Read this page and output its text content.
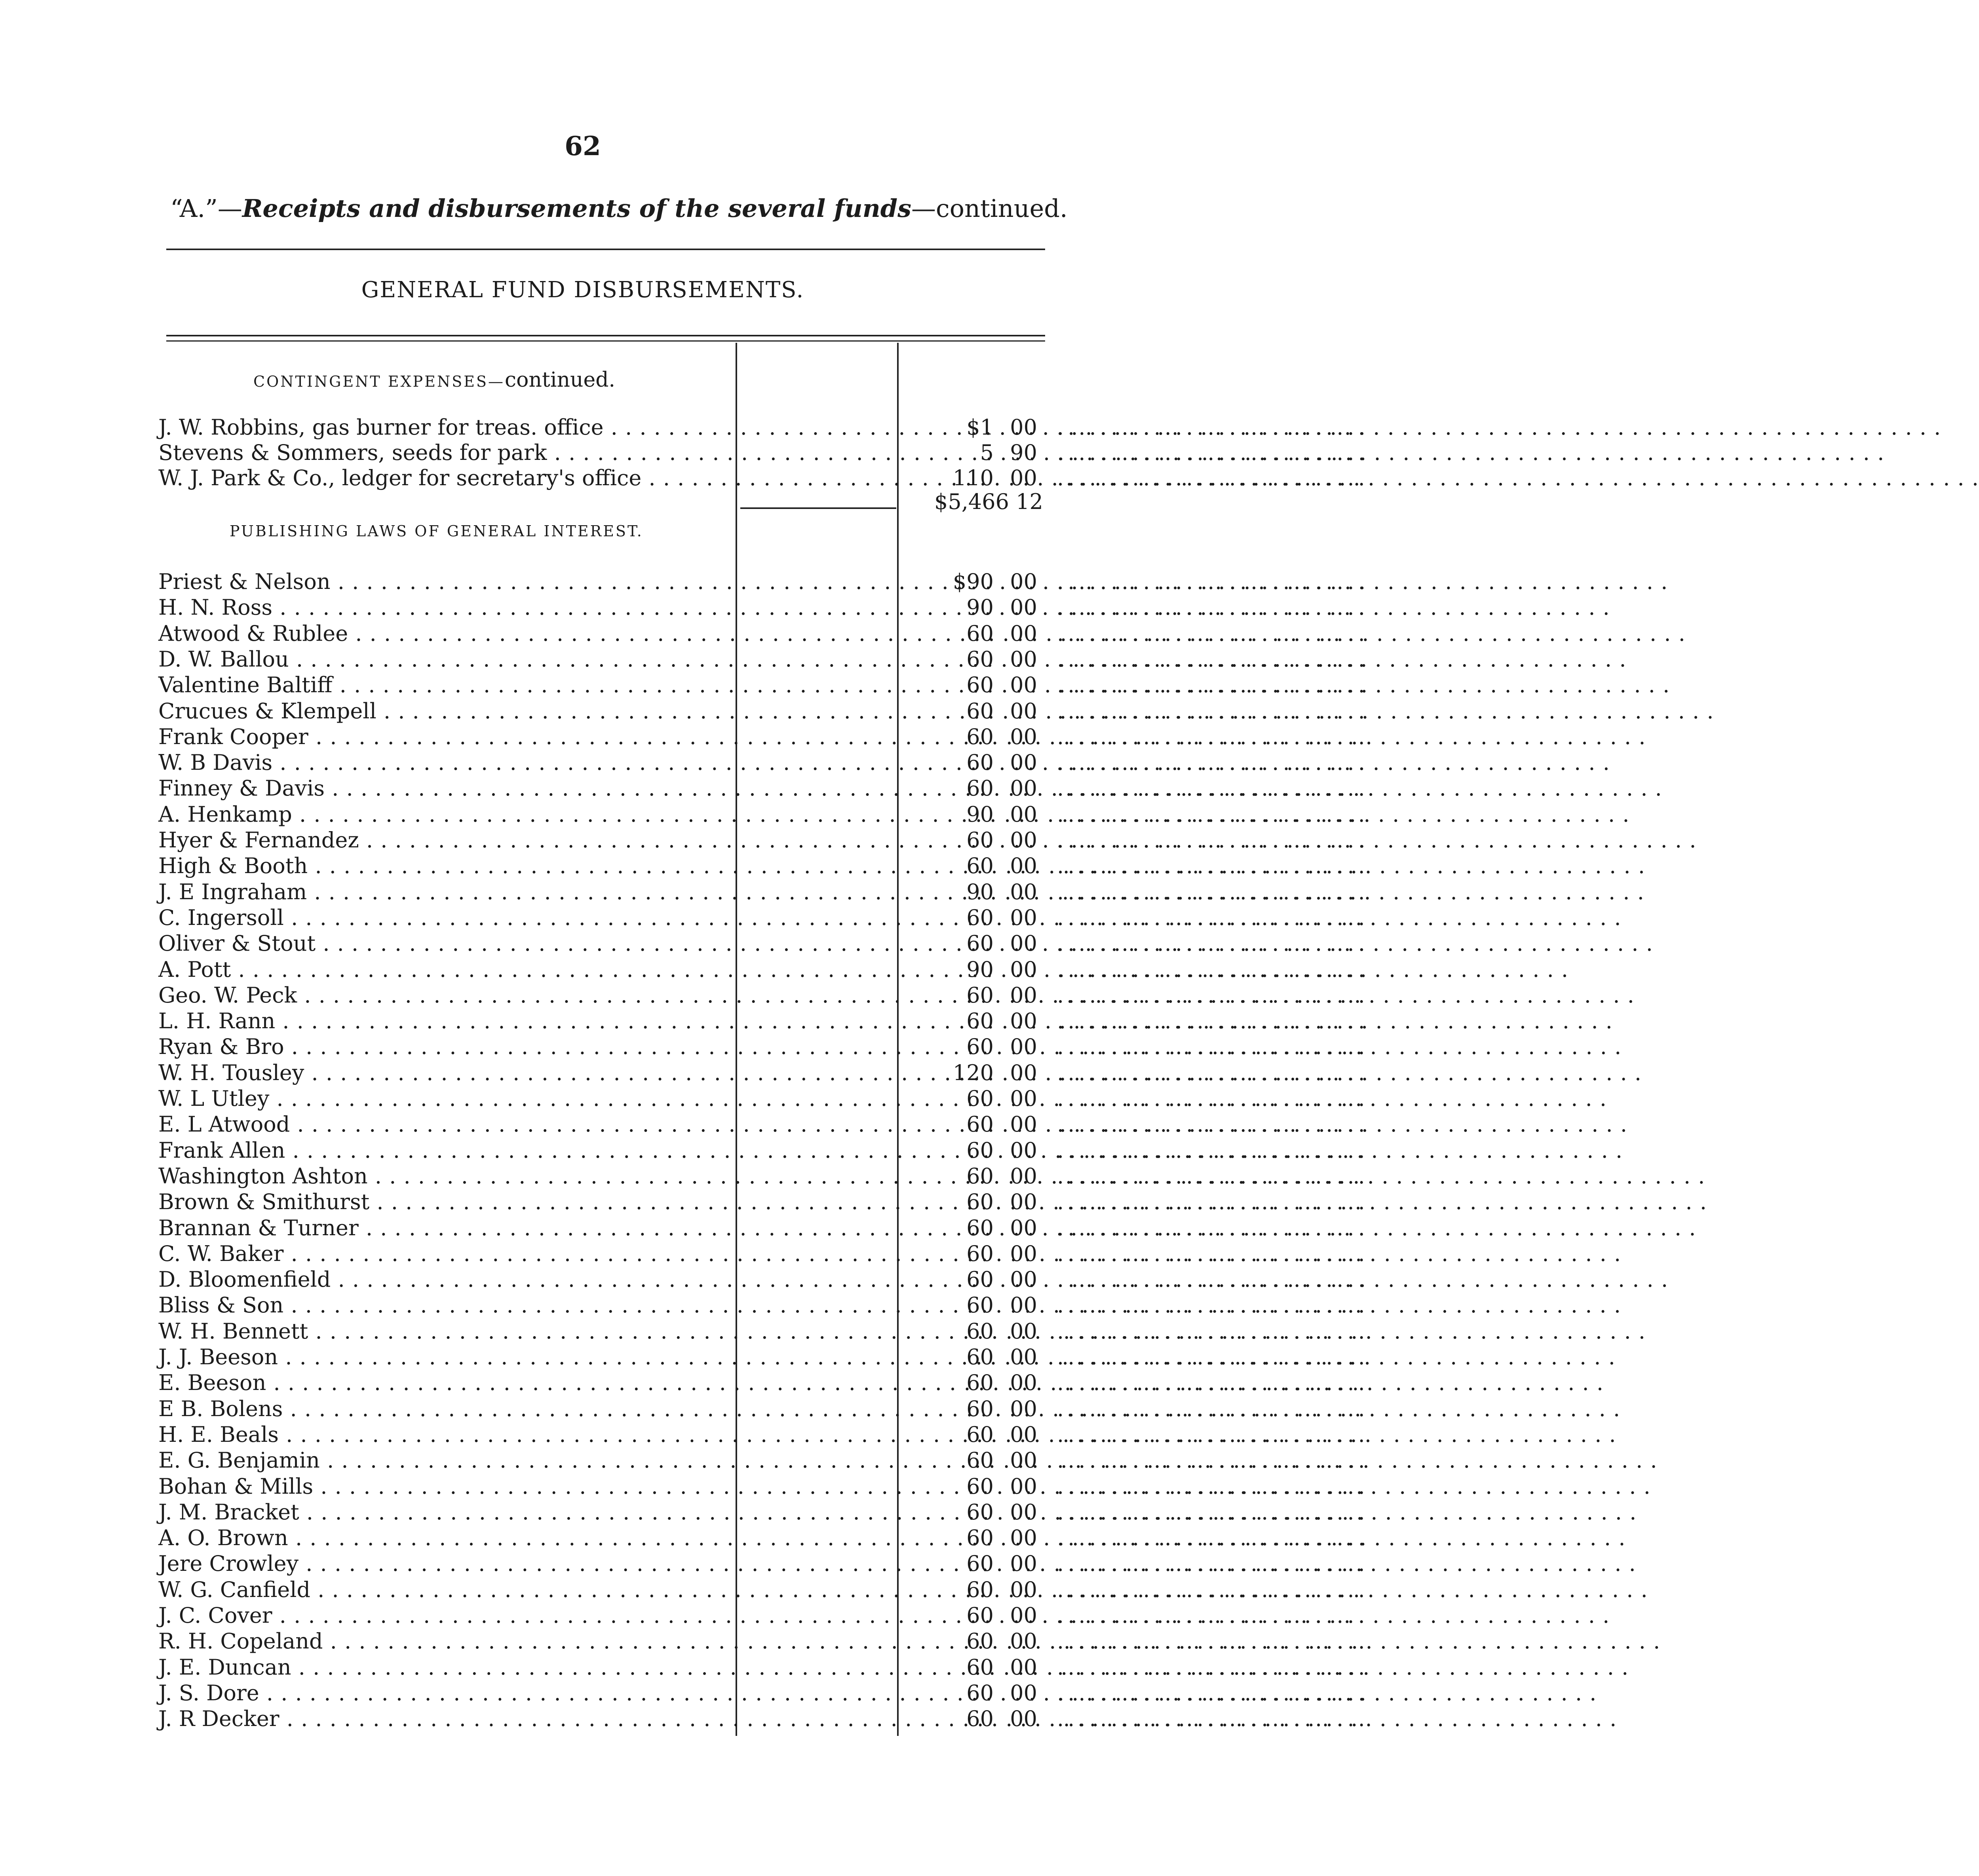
62
“A.”—Receipts and disbursements of the several funds—continued.
GENERAL FUND DISBURSEMENTS.
CONTINGENT EXPENSES—continued.
J. W. Robbins, gas burner for treas. office . . .	$1 00 .............................
Stevens & Sommers, seeds for park . . .	5 90 .............................
W. J. Park & Co., ledger for secretary's office . . .	110 00 .............................
$5,466 12
PUBLISHING LAWS OF GENERAL INTEREST.
Priest & Nelson . . .	$90 00 .............................
H. N. Ross . . .	90 00 .............................
Atwood & Rublee . . .	60 00 .............................
D. W. Ballou . . .	60 00 .............................
Valentine Baltiff . . .	60 00 .............................
Crucues & Klempell . . .	60 00 .............................
Frank Cooper . . .	60 00 .............................
W. B Davis . . .	60 00 .............................
Finney & Davis . . .	60 00 .............................
A. Henkamp . . .	90 00 .............................
Hyer & Fernandez . . .	60 00 .............................
High & Booth . . .	60 00 .............................
J. E Ingraham . . .	90 00 .............................
C. Ingersoll . . .	60 00 .............................
Oliver & Stout . . .	60 00 .............................
A. Pott . . .	90 00 .............................
Geo. W. Peck . . .	60 00 .............................
L. H. Rann . . .	60 00 .............................
Ryan & Bro . . .	60 00 .............................
W. H. Tousley . . .	120 00 .............................
W. L Utley . . .	60 00 .............................
E. L Atwood . . .	60 00 .............................
Frank Allen . . .	60 00 .............................
Washington Ashton . . .	60 00 .............................
Brown & Smithurst . . .	60 00 .............................
Brannan & Turner . . .	60 00 .............................
C. W. Baker . . .	60 00 .............................
D. Bloomenfield . . .	60 00 .............................
Bliss & Son . . .	60 00 .............................
W. H. Bennett . . .	60 00 .............................
J. J. Beeson . . .	60 00 .............................
E. Beeson . . .	60 00 .............................
E B. Bolens . . .	60 00 .............................
H. E. Beals . . .	60 00 .............................
E. G. Benjamin . . .	60 00 .............................
Bohan & Mills . . .	60 00 .............................
J. M. Bracket . . .	60 00 .............................
A. O. Brown . . .	60 00 .............................
Jere Crowley . . .	60 00 .............................
W. G. Canfield . . .	60 00 .............................
J. C. Cover . . .	60 00 .............................
R. H. Copeland . . .	60 00 .............................
J. E. Duncan . . .	60 00 .............................
J. S. Dore . . .	60 00 .............................
J. R Decker . . .	60 00 .............................
